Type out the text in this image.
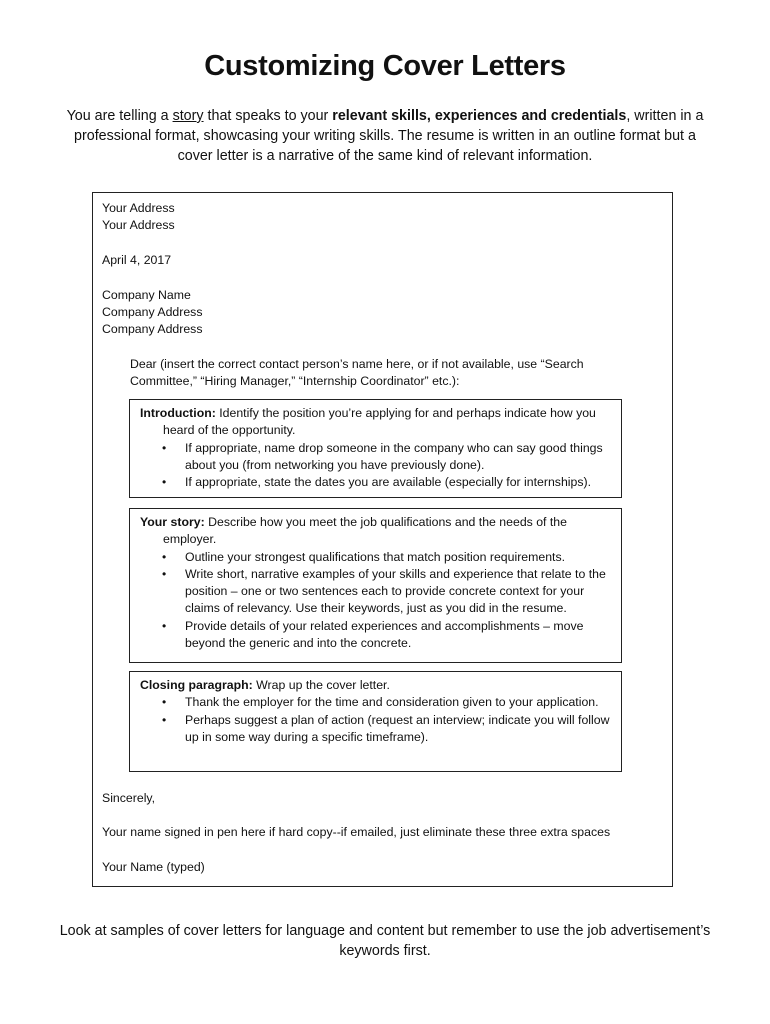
Customizing Cover Letters
You are telling a story that speaks to your relevant skills, experiences and credentials, written in a professional format, showcasing your writing skills. The resume is written in an outline format but a cover letter is a narrative of the same kind of relevant information.
Your Address
Your Address
April 4, 2017
Company Name
Company Address
Company Address
Dear (insert the correct contact person’s name here, or if not available, use “Search Committee,” “Hiring Manager,” “Internship Coordinator” etc.):
Introduction: Identify the position you’re applying for and perhaps indicate how you heard of the opportunity.
• If appropriate, name drop someone in the company who can say good things about you (from networking you have previously done).
• If appropriate, state the dates you are available (especially for internships).
Your story: Describe how you meet the job qualifications and the needs of the employer.
• Outline your strongest qualifications that match position requirements.
• Write short, narrative examples of your skills and experience that relate to the position – one or two sentences each to provide concrete context for your claims of relevancy. Use their keywords, just as you did in the resume.
• Provide details of your related experiences and accomplishments – move beyond the generic and into the concrete.
Closing paragraph: Wrap up the cover letter.
• Thank the employer for the time and consideration given to your application.
• Perhaps suggest a plan of action (request an interview; indicate you will follow up in some way during a specific timeframe).
Sincerely,
Your name signed in pen here if hard copy--if emailed, just eliminate these three extra spaces
Your Name (typed)
Look at samples of cover letters for language and content but remember to use the job advertisement’s keywords first.
